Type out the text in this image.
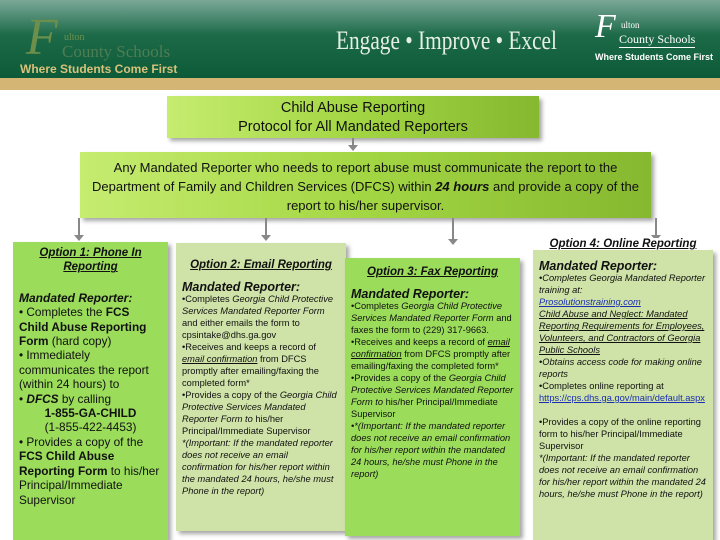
F ulton
County Schools
Where Students Come First
Engage • Improve • Excel F ulton
County Schools
Where Students Come First
Child Abuse Reporting
Protocol for All Mandated Reporters
Any Mandated Reporter who needs to report abuse must communicate the report to the Department of Family and Children Services (DFCS) within 24 hours and provide a copy of the report to his/her supervisor.
Option 1: Phone In Reporting
Mandated Reporter:
• Completes the FCS Child Abuse Reporting Form (hard copy)
• Immediately communicates the report (within 24 hours) to
• DFCS by calling
1-855-GA-CHILD
(1-855-422-4453)
• Provides a copy of the FCS Child Abuse Reporting Form to his/her Principal/Immediate Supervisor
Option 2: Email Reporting
Mandated Reporter:
•Completes Georgia Child Protective Services Mandated Reporter Form and either emails the form to cpsintake@dhs.ga.gov
•Receives and keeps a record of email confirmation from DFCS promptly after emailing/faxing the completed form*
•Provides a copy of the Georgia Child Protective Services Mandated Reporter Form to his/her Principal/Immediate Supervisor
*(Important: If the mandated reporter does not receive an email confirmation for his/her report within the mandated 24 hours, he/she must Phone in the report)
Option 3: Fax Reporting
Mandated Reporter:
•Completes Georgia Child Protective Services Mandated Reporter Form and faxes the form to (229) 317-9663.
•Receives and keeps a record of email confirmation from DFCS promptly after emailing/faxing the completed form*
•Provides a copy of the Georgia Child Protective Services Mandated Reporter Form to his/her Principal/Immediate Supervisor
•*(Important: If the mandated reporter does not receive an email confirmation for his/her report within the mandated 24 hours, he/she must Phone in the report)
Option 4: Online Reporting
Mandated Reporter:
•Completes Georgia Mandated Reporter training at:
Prosolutionstraining.com
Child Abuse and Neglect: Mandated Reporting Requirements for Employees, Volunteers, and Contractors of Georgia Public Schools
•Obtains access code for making online reports
•Completes online reporting at
https://cps.dhs.ga.gov/main/default.aspx

•Provides a copy of the online reporting form to his/her Principal/Immediate Supervisor
*(Important: If the mandated reporter does not receive an email confirmation for his/her report within the mandated 24 hours, he/she must Phone in the report)
